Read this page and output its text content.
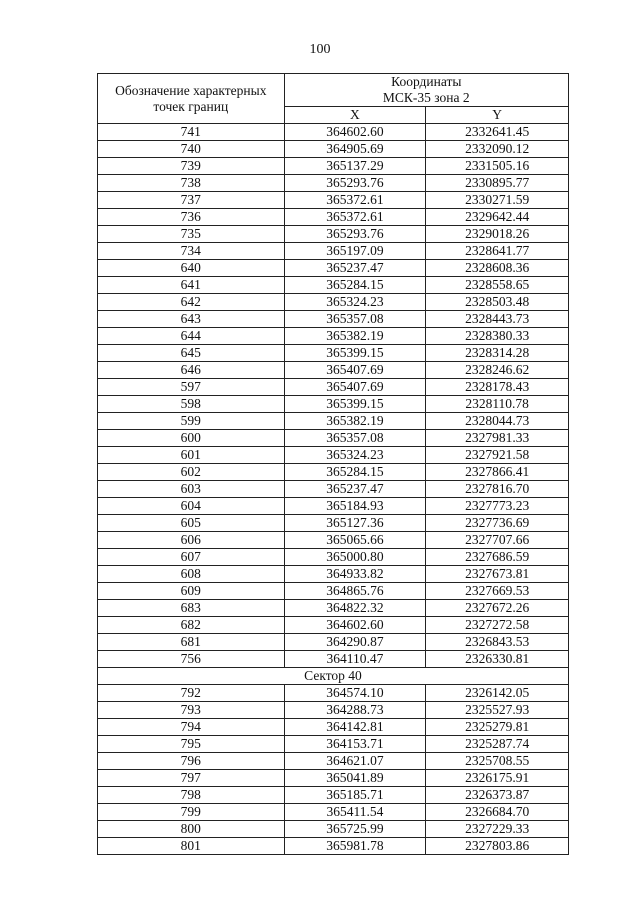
100
Обозначение характерных точек границ	Координаты
МСК-35 зона 2	
	X	Y
741	364602.60	2332641.45
740	364905.69	2332090.12
739	365137.29	2331505.16
738	365293.76	2330895.77
737	365372.61	2330271.59
736	365372.61	2329642.44
735	365293.76	2329018.26
734	365197.09	2328641.77
640	365237.47	2328608.36
641	365284.15	2328558.65
642	365324.23	2328503.48
643	365357.08	2328443.73
644	365382.19	2328380.33
645	365399.15	2328314.28
646	365407.69	2328246.62
597	365407.69	2328178.43
598	365399.15	2328110.78
599	365382.19	2328044.73
600	365357.08	2327981.33
601	365324.23	2327921.58
602	365284.15	2327866.41
603	365237.47	2327816.70
604	365184.93	2327773.23
605	365127.36	2327736.69
606	365065.66	2327707.66
607	365000.80	2327686.59
608	364933.82	2327673.81
609	364865.76	2327669.53
683	364822.32	2327672.26
682	364602.60	2327272.58
681	364290.87	2326843.53
756	364110.47	2326330.81
Сектор 40		
792	364574.10	2326142.05
793	364288.73	2325527.93
794	364142.81	2325279.81
795	364153.71	2325287.74
796	364621.07	2325708.55
797	365041.89	2326175.91
798	365185.71	2326373.87
799	365411.54	2326684.70
800	365725.99	2327229.33
801	365981.78	2327803.86
